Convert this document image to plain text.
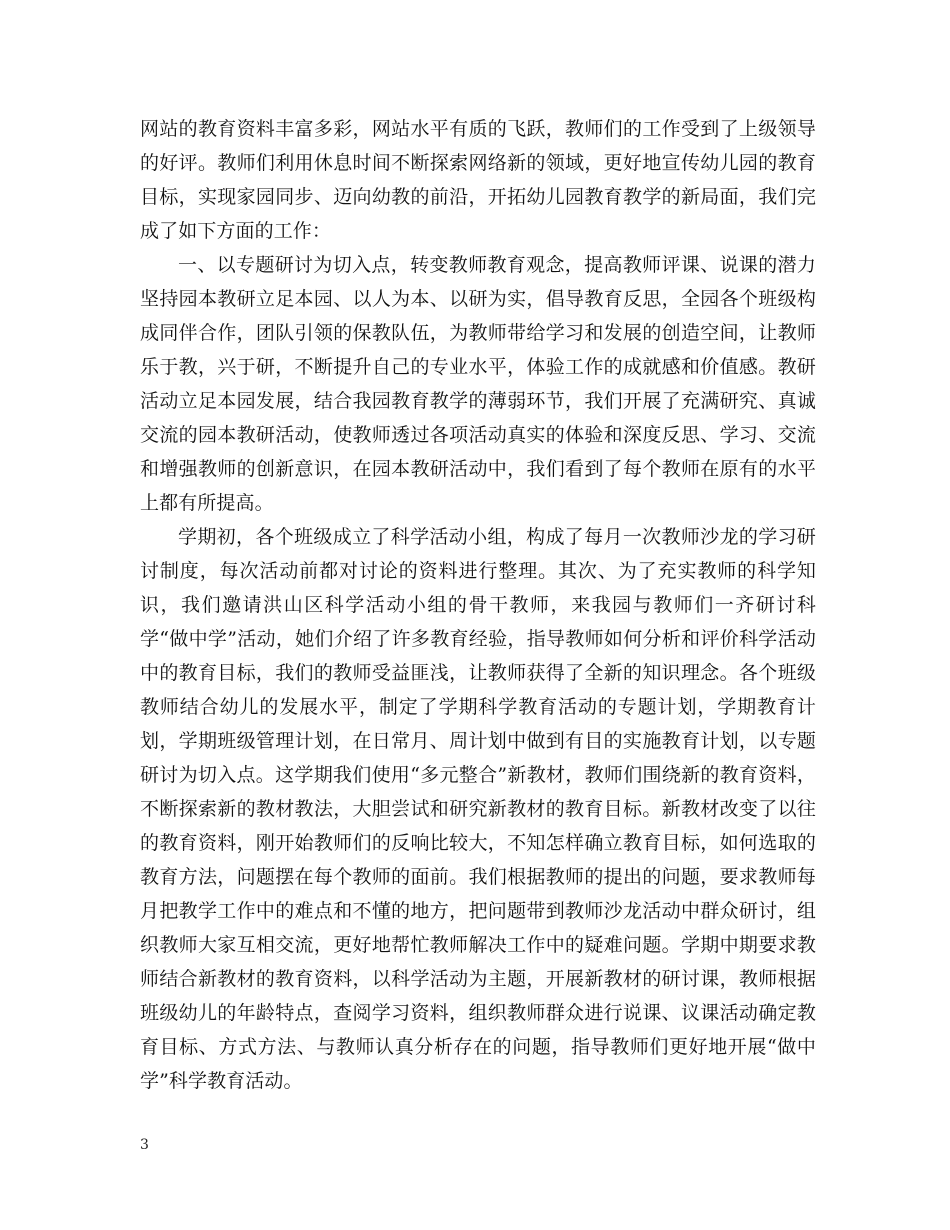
网站的教育资料丰富多彩，网站水平有质的飞跃，教师们的工作受到了上级领导的好评。教师们利用休息时间不断探索网络新的领域，更好地宣传幼儿园的教育目标，实现家园同步、迈向幼教的前沿，开拓幼儿园教育教学的新局面，我们完成了如下方面的工作：

一、以专题研讨为切入点，转变教师教育观念，提高教师评课、说课的潜力坚持园本教研立足本园、以人为本、以研为实，倡导教育反思，全园各个班级构成同伴合作，团队引领的保教队伍，为教师带给学习和发展的创造空间，让教师乐于教，兴于研，不断提升自己的专业水平，体验工作的成就感和价值感。教研活动立足本园发展，结合我园教育教学的薄弱环节，我们开展了充满研究、真诚交流的园本教研活动，使教师透过各项活动真实的体验和深度反思、学习、交流和增强教师的创新意识，在园本教研活动中，我们看到了每个教师在原有的水平上都有所提高。

学期初，各个班级成立了科学活动小组，构成了每月一次教师沙龙的学习研讨制度，每次活动前都对讨论的资料进行整理。其次、为了充实教师的科学知识，我们邀请洪山区科学活动小组的骨干教师，来我园与教师们一齐研讨科学“做中学”活动，她们介绍了许多教育经验，指导教师如何分析和评价科学活动中的教育目标，我们的教师受益匪浅，让教师获得了全新的知识理念。各个班级教师结合幼儿的发展水平，制定了学期科学教育活动的专题计划，学期教育计划，学期班级管理计划，在日常月、周计划中做到有目的实施教育计划，以专题研讨为切入点。这学期我们使用“多元整合”新教材，教师们围绕新的教育资料，不断探索新的教材教法，大胆尝试和研究新教材的教育目标。新教材改变了以往的教育资料，刚开始教师们的反响比较大，不知怎样确立教育目标，如何选取的教育方法，问题摆在每个教师的面前。我们根据教师的提出的问题，要求教师每月把教学工作中的难点和不懂的地方，把问题带到教师沙龙活动中群众研讨，组织教师大家互相交流，更好地帮忙教师解决工作中的疑难问题。学期中期要求教师结合新教材的教育资料，以科学活动为主题，开展新教材的研讨课，教师根据班级幼儿的年龄特点，查阅学习资料，组织教师群众进行说课、议课活动确定教育目标、方式方法、与教师认真分析存在的问题，指导教师们更好地开展“做中学”科学教育活动。

3
